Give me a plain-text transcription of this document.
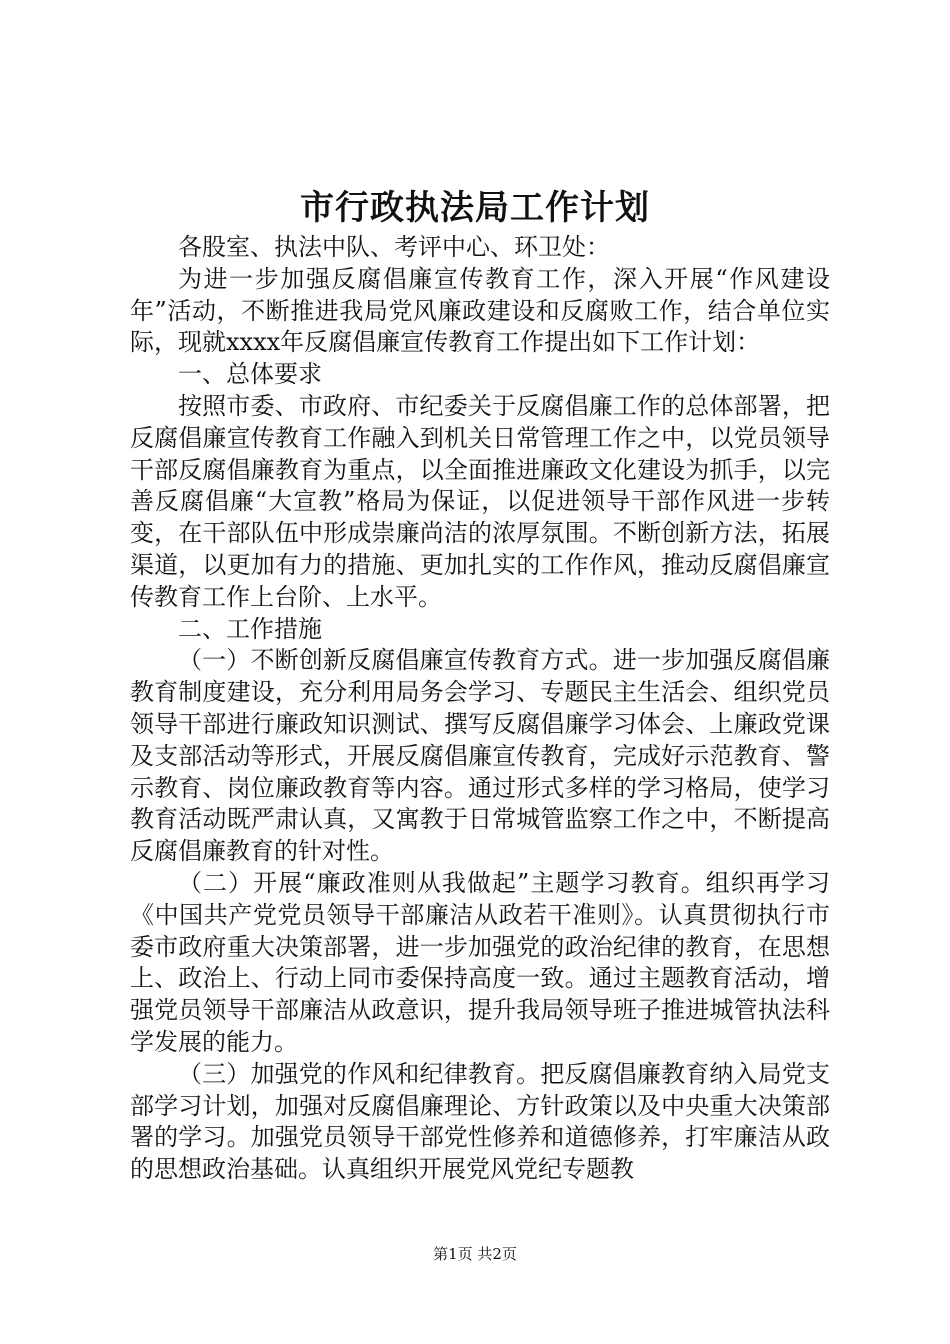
市行政执法局工作计划

各股室、执法中队、考评中心、环卫处：

为进一步加强反腐倡廉宣传教育工作，深入开展“作风建设年”活动，不断推进我局党风廉政建设和反腐败工作，结合单位实际，现就xxxx年反腐倡廉宣传教育工作提出如下工作计划：

一、总体要求

按照市委、市政府、市纪委关于反腐倡廉工作的总体部署，把反腐倡廉宣传教育工作融入到机关日常管理工作之中，以党员领导干部反腐倡廉教育为重点，以全面推进廉政文化建设为抓手，以完善反腐倡廉“大宣教”格局为保证，以促进领导干部作风进一步转变，在干部队伍中形成崇廉尚洁的浓厚氛围。不断创新方法，拓展渠道，以更加有力的措施、更加扎实的工作作风，推动反腐倡廉宣传教育工作上台阶、上水平。

二、工作措施

（一）不断创新反腐倡廉宣传教育方式。进一步加强反腐倡廉教育制度建设，充分利用局务会学习、专题民主生活会、组织党员领导干部进行廉政知识测试、撰写反腐倡廉学习体会、上廉政党课及支部活动等形式，开展反腐倡廉宣传教育，完成好示范教育、警示教育、岗位廉政教育等内容。通过形式多样的学习格局，使学习教育活动既严肃认真，又寓教于日常城管监察工作之中，不断提高反腐倡廉教育的针对性。

（二）开展“廉政准则从我做起”主题学习教育。组织再学习《中国共产党党员领导干部廉洁从政若干准则》。认真贯彻执行市委市政府重大决策部署，进一步加强党的政治纪律的教育，在思想上、政治上、行动上同市委保持高度一致。通过主题教育活动，增强党员领导干部廉洁从政意识，提升我局领导班子推进城管执法科学发展的能力。

（三）加强党的作风和纪律教育。把反腐倡廉教育纳入局党支部学习计划，加强对反腐倡廉理论、方针政策以及中央重大决策部署的学习。加强党员领导干部党性修养和道德修养，打牢廉洁从政的思想政治基础。认真组织开展党风党纪专题教

第1页 共2页
